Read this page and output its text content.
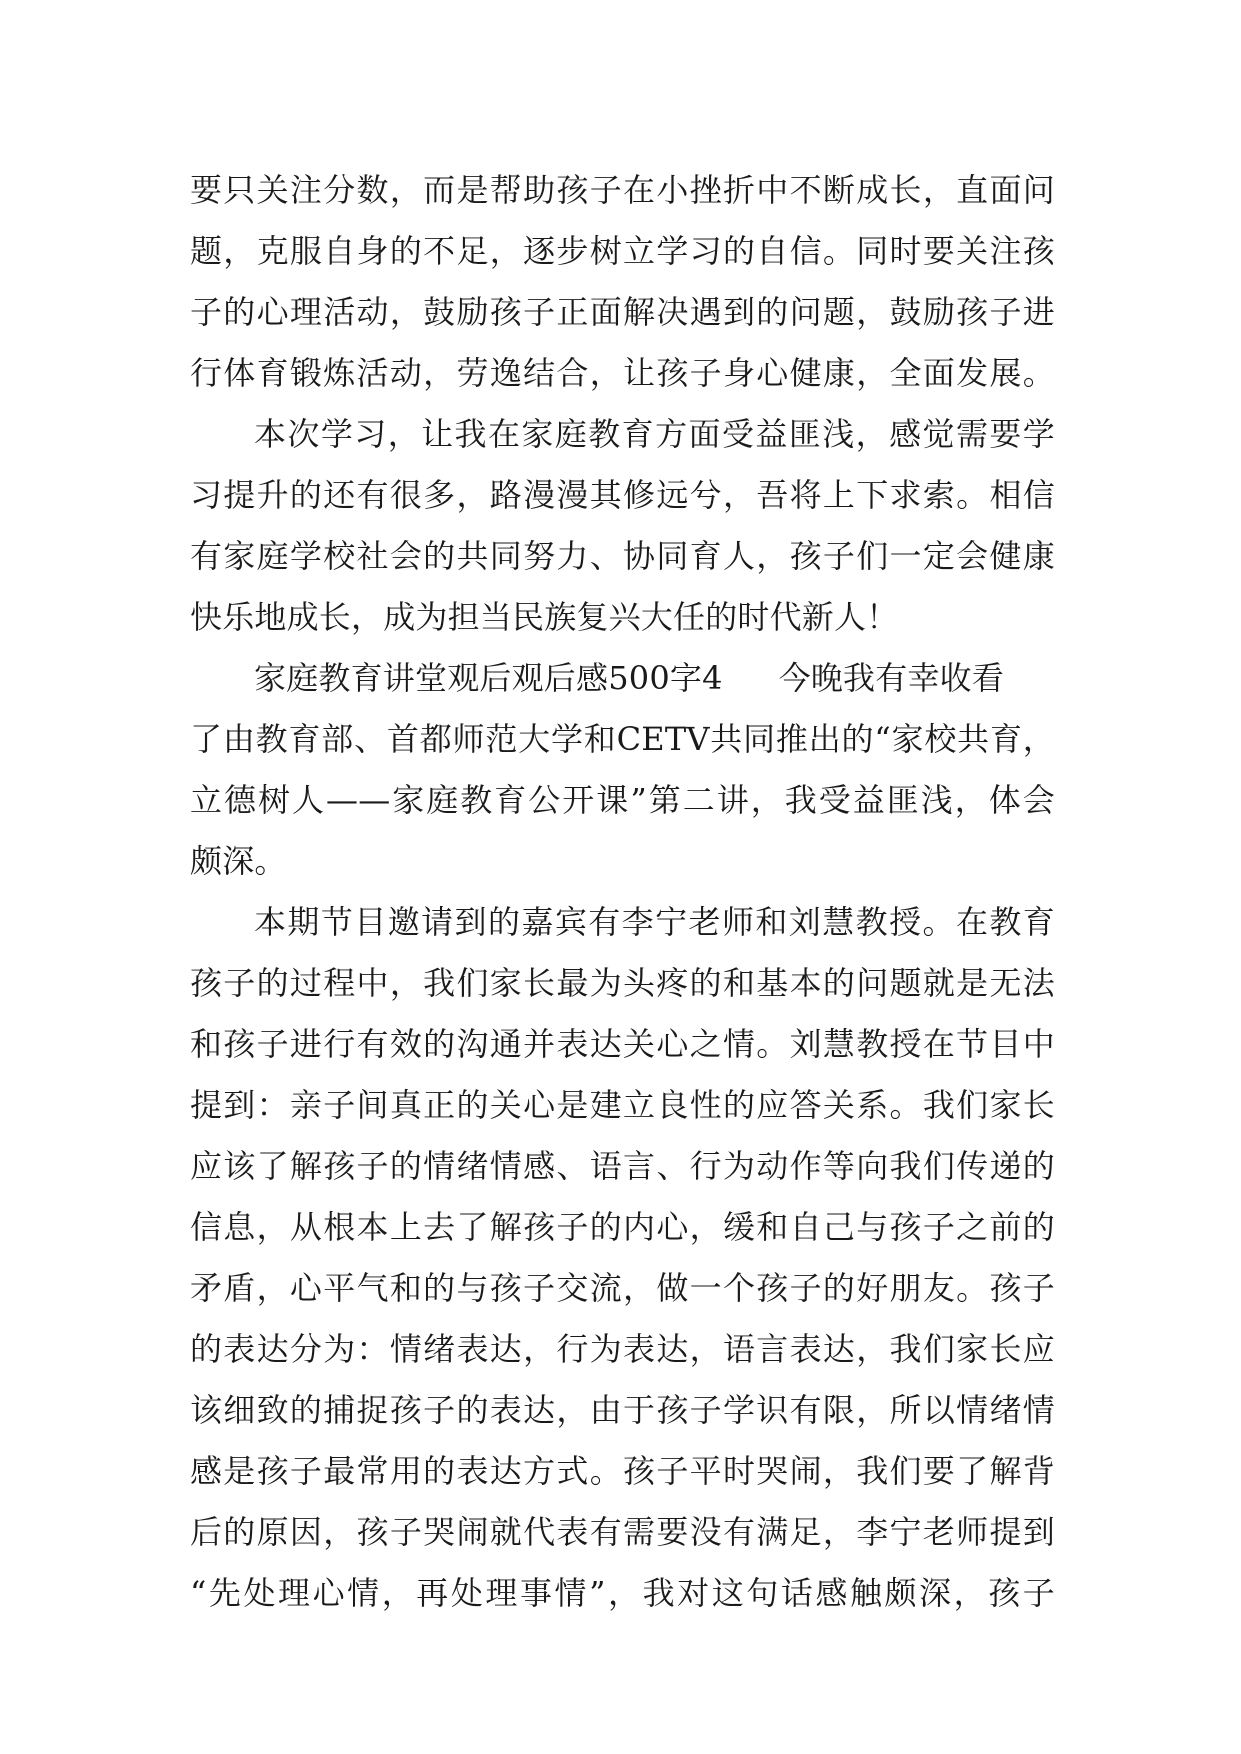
要只关注分数，而是帮助孩子在小挫折中不断成长，直面问
题，克服自身的不足，逐步树立学习的自信。同时要关注孩
子的心理活动，鼓励孩子正面解决遇到的问题，鼓励孩子进
行体育锻炼活动，劳逸结合，让孩子身心健康，全面发展。
本次学习，让我在家庭教育方面受益匪浅，感觉需要学
习提升的还有很多，路漫漫其修远兮，吾将上下求索。相信
有家庭学校社会的共同努力、协同育人，孩子们一定会健康
快乐地成长，成为担当民族复兴大任的时代新人！
家庭教育讲堂观后观后感500字4 今晚我有幸收看
了由教育部、首都师范大学和CETV共同推出的“家校共育，
立德树人——家庭教育公开课”第二讲，我受益匪浅，体会
颇深。
本期节目邀请到的嘉宾有李宁老师和刘慧教授。在教育
孩子的过程中，我们家长最为头疼的和基本的问题就是无法
和孩子进行有效的沟通并表达关心之情。刘慧教授在节目中
提到：亲子间真正的关心是建立良性的应答关系。我们家长
应该了解孩子的情绪情感、语言、行为动作等向我们传递的
信息，从根本上去了解孩子的内心，缓和自己与孩子之前的
矛盾，心平气和的与孩子交流，做一个孩子的好朋友。孩子
的表达分为：情绪表达，行为表达，语言表达，我们家长应
该细致的捕捉孩子的表达，由于孩子学识有限，所以情绪情
感是孩子最常用的表达方式。孩子平时哭闹，我们要了解背
后的原因，孩子哭闹就代表有需要没有满足，李宁老师提到
“先处理心情，再处理事情”，我对这句话感触颇深，孩子
